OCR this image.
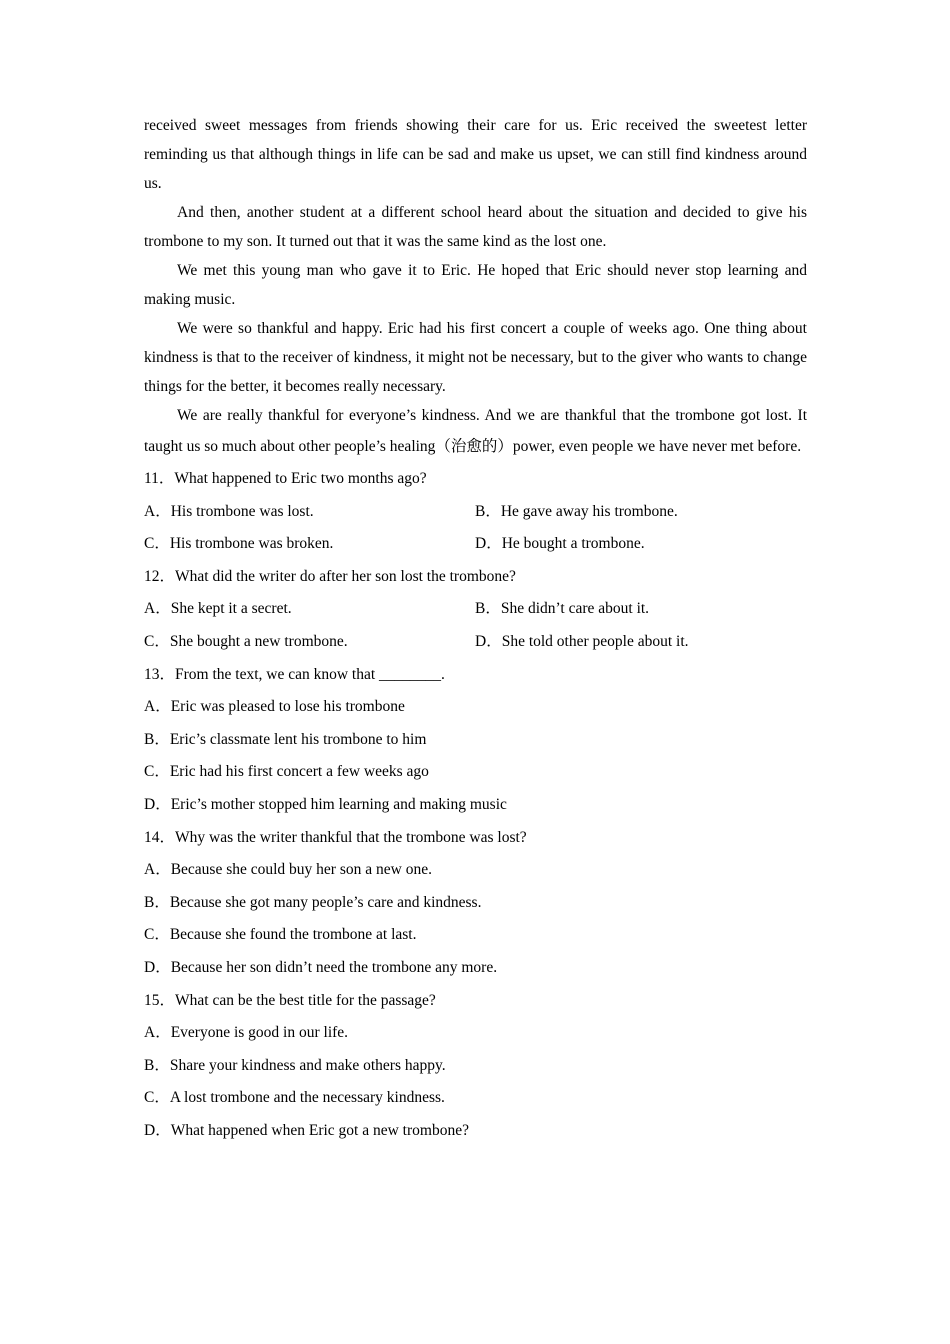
received sweet messages from friends showing their care for us. Eric received the sweetest letter reminding us that although things in life can be sad and make us upset, we can still find kindness around us.

And then, another student at a different school heard about the situation and decided to give his trombone to my son. It turned out that it was the same kind as the lost one.

We met this young man who gave it to Eric. He hoped that Eric should never stop learning and making music.

We were so thankful and happy. Eric had his first concert a couple of weeks ago. One thing about kindness is that to the receiver of kindness, it might not be necessary, but to the giver who wants to change things for the better, it becomes really necessary.

We are really thankful for everyone’s kindness. And we are thankful that the trombone got lost. It taught us so much about other people’s healing（治愈的）power, even people we have never met before.

11．What happened to Eric two months ago?

A．His trombone was lost.	B．He gave away his trombone.
C．His trombone was broken.	D．He bought a trombone.

12．What did the writer do after her son lost the trombone?

A．She kept it a secret.	B．She didn’t care about it.
C．She bought a new trombone.	D．She told other people about it.

13．From the text, we can know that ________.

A．Eric was pleased to lose his trombone

B．Eric’s classmate lent his trombone to him

C．Eric had his first concert a few weeks ago

D．Eric’s mother stopped him learning and making music

14．Why was the writer thankful that the trombone was lost?

A．Because she could buy her son a new one.

B．Because she got many people’s care and kindness.

C．Because she found the trombone at last.

D．Because her son didn’t need the trombone any more.

15．What can be the best title for the passage?

A．Everyone is good in our life.

B．Share your kindness and make others happy.

C．A lost trombone and the necessary kindness.

D．What happened when Eric got a new trombone?
